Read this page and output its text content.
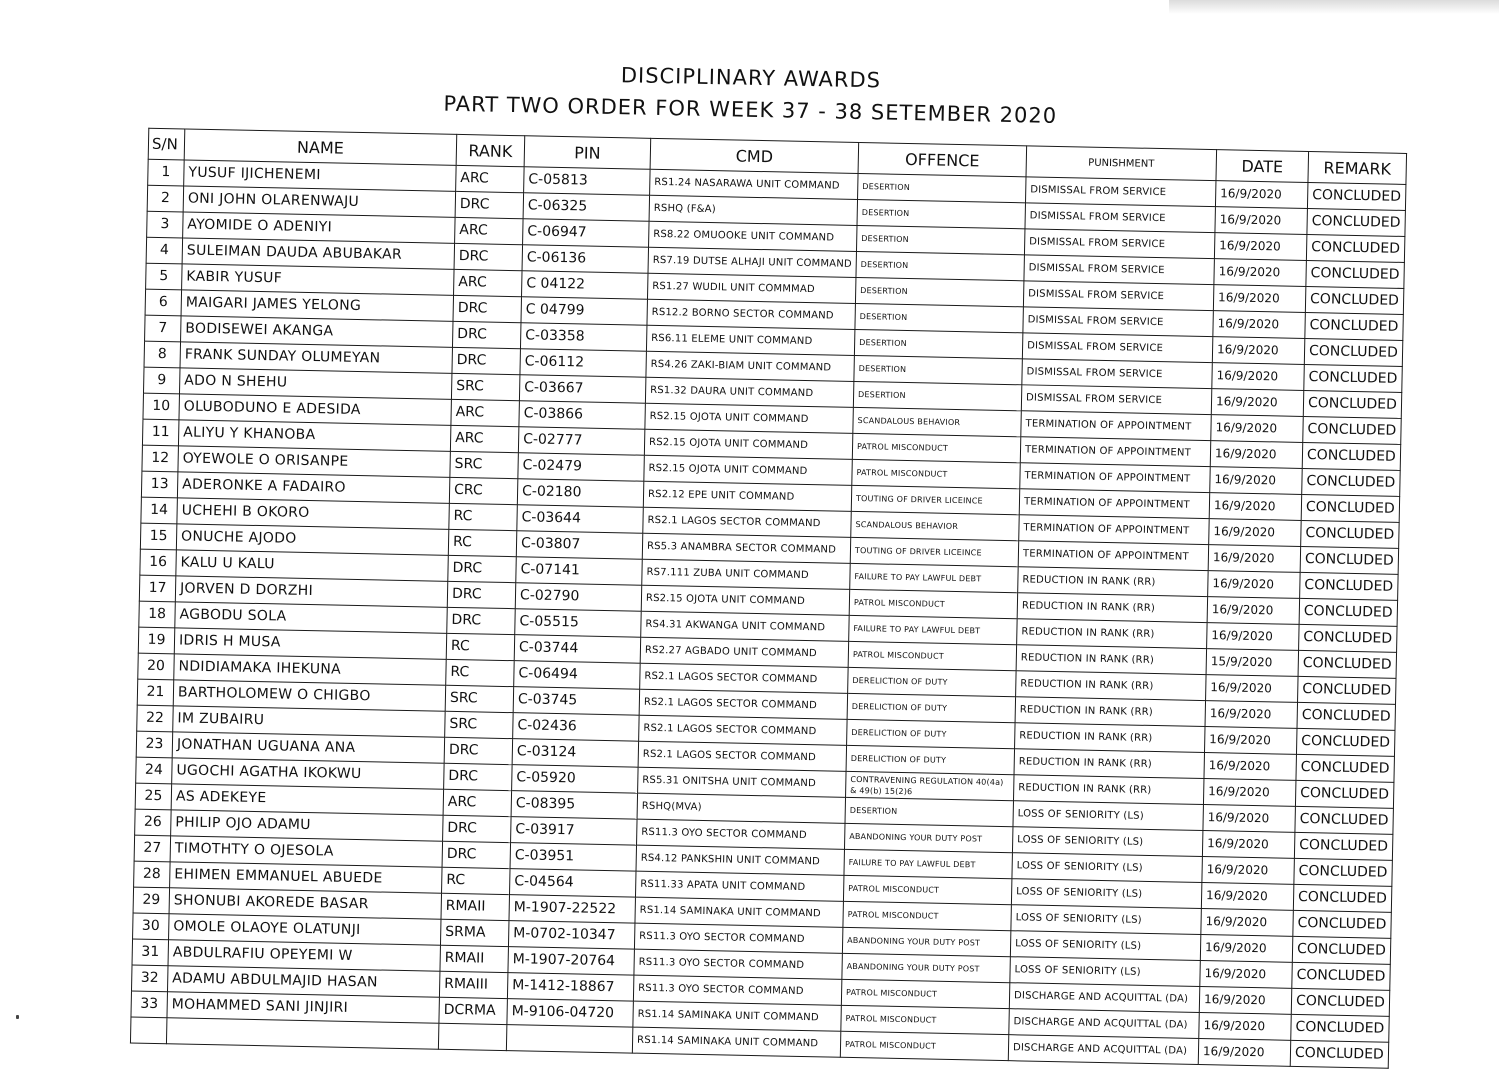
DISCIPLINARY AWARDS
PART TWO ORDER FOR WEEK 37 - 38 SETEMBER 2020
S/N	NAME	RANK	PIN	CMD	OFFENCE	PUNISHMENT	DATE	REMARK
1	YUSUF IJICHENEMI	ARC	C-05813	RS1.24 NASARAWA UNIT COMMAND	DESERTION	DISMISSAL FROM SERVICE	16/9/2020	CONCLUDED
2	ONI JOHN OLARENWAJU	DRC	C-06325	RSHQ (F&A)	DESERTION	DISMISSAL FROM SERVICE	16/9/2020	CONCLUDED
3	AYOMIDE O ADENIYI	ARC	C-06947	RS8.22 OMUOOKE UNIT COMMAND	DESERTION	DISMISSAL FROM SERVICE	16/9/2020	CONCLUDED
4	SULEIMAN DAUDA ABUBAKAR	DRC	C-06136	RS7.19 DUTSE ALHAJI UNIT COMMAND	DESERTION	DISMISSAL FROM SERVICE	16/9/2020	CONCLUDED
5	KABIR YUSUF	ARC	C 04122	RS1.27 WUDIL UNIT COMMMAD	DESERTION	DISMISSAL FROM SERVICE	16/9/2020	CONCLUDED
6	MAIGARI JAMES YELONG	DRC	C 04799	RS12.2 BORNO SECTOR COMMAND	DESERTION	DISMISSAL FROM SERVICE	16/9/2020	CONCLUDED
7	BODISEWEI AKANGA	DRC	C-03358	RS6.11 ELEME UNIT COMMAND	DESERTION	DISMISSAL FROM SERVICE	16/9/2020	CONCLUDED
8	FRANK SUNDAY OLUMEYAN	DRC	C-06112	RS4.26 ZAKI-BIAM UNIT COMMAND	DESERTION	DISMISSAL FROM SERVICE	16/9/2020	CONCLUDED
9	ADO N SHEHU	SRC	C-03667	RS1.32 DAURA UNIT COMMAND	DESERTION	DISMISSAL FROM SERVICE	16/9/2020	CONCLUDED
10	OLUBODUNO E ADESIDA	ARC	C-03866	RS2.15 OJOTA UNIT COMMAND	SCANDALOUS BEHAVIOR	TERMINATION OF APPOINTMENT	16/9/2020	CONCLUDED
11	ALIYU Y KHANOBA	ARC	C-02777	RS2.15 OJOTA UNIT COMMAND	PATROL MISCONDUCT	TERMINATION OF APPOINTMENT	16/9/2020	CONCLUDED
12	OYEWOLE O ORISANPE	SRC	C-02479	RS2.15 OJOTA UNIT COMMAND	PATROL MISCONDUCT	TERMINATION OF APPOINTMENT	16/9/2020	CONCLUDED
13	ADERONKE A FADAIRO	CRC	C-02180	RS2.12 EPE UNIT COMMAND	TOUTING OF DRIVER LICEINCE	TERMINATION OF APPOINTMENT	16/9/2020	CONCLUDED
14	UCHEHI B OKORO	RC	C-03644	RS2.1 LAGOS SECTOR COMMAND	SCANDALOUS BEHAVIOR	TERMINATION OF APPOINTMENT	16/9/2020	CONCLUDED
15	ONUCHE AJODO	RC	C-03807	RS5.3 ANAMBRA SECTOR COMMAND	TOUTING OF DRIVER LICEINCE	TERMINATION OF APPOINTMENT	16/9/2020	CONCLUDED
16	KALU U KALU	DRC	C-07141	RS7.111 ZUBA UNIT COMMAND	FAILURE TO PAY LAWFUL DEBT	REDUCTION IN RANK (RR)	16/9/2020	CONCLUDED
17	JORVEN D DORZHI	DRC	C-02790	RS2.15 OJOTA UNIT COMMAND	PATROL MISCONDUCT	REDUCTION IN RANK (RR)	16/9/2020	CONCLUDED
18	AGBODU SOLA	DRC	C-05515	RS4.31 AKWANGA UNIT COMMAND	FAILURE TO PAY LAWFUL DEBT	REDUCTION IN RANK (RR)	16/9/2020	CONCLUDED
19	IDRIS H MUSA	RC	C-03744	RS2.27 AGBADO UNIT COMMAND	PATROL MISCONDUCT	REDUCTION IN RANK (RR)	15/9/2020	CONCLUDED
20	NDIDIAMAKA IHEKUNA	RC	C-06494	RS2.1 LAGOS SECTOR COMMAND	DERELICTION OF DUTY	REDUCTION IN RANK (RR)	16/9/2020	CONCLUDED
21	BARTHOLOMEW O CHIGBO	SRC	C-03745	RS2.1 LAGOS SECTOR COMMAND	DERELICTION OF DUTY	REDUCTION IN RANK (RR)	16/9/2020	CONCLUDED
22	IM ZUBAIRU	SRC	C-02436	RS2.1 LAGOS SECTOR COMMAND	DERELICTION OF DUTY	REDUCTION IN RANK (RR)	16/9/2020	CONCLUDED
23	JONATHAN UGUANA ANA	DRC	C-03124	RS2.1 LAGOS SECTOR COMMAND	DERELICTION OF DUTY	REDUCTION IN RANK (RR)	16/9/2020	CONCLUDED
24	UGOCHI AGATHA IKOKWU	DRC	C-05920	RS5.31 ONITSHA UNIT COMMAND	CONTRAVENING REGULATION 40(4a) & 49(b) 15(2)6	REDUCTION IN RANK (RR)	16/9/2020	CONCLUDED
25	AS ADEKEYE	ARC	C-08395	RSHQ(MVA)	DESERTION	LOSS OF SENIORITY (LS)	16/9/2020	CONCLUDED
26	PHILIP OJO ADAMU	DRC	C-03917	RS11.3 OYO SECTOR COMMAND	ABANDONING YOUR DUTY POST	LOSS OF SENIORITY (LS)	16/9/2020	CONCLUDED
27	TIMOTHTY O OJESOLA	DRC	C-03951	RS4.12 PANKSHIN UNIT COMMAND	FAILURE TO PAY LAWFUL DEBT	LOSS OF SENIORITY (LS)	16/9/2020	CONCLUDED
28	EHIMEN EMMANUEL ABUEDE	RC	C-04564	RS11.33 APATA UNIT COMMAND	PATROL MISCONDUCT	LOSS OF SENIORITY (LS)	16/9/2020	CONCLUDED
29	SHONUBI AKOREDE BASAR	RMAII	M-1907-22522	RS1.14 SAMINAKA UNIT COMMAND	PATROL MISCONDUCT	LOSS OF SENIORITY (LS)	16/9/2020	CONCLUDED
30	OMOLE OLAOYE OLATUNJI	SRMA	M-0702-10347	RS11.3 OYO SECTOR COMMAND	ABANDONING YOUR DUTY POST	LOSS OF SENIORITY (LS)	16/9/2020	CONCLUDED
31	ABDULRAFIU OPEYEMI W	RMAII	M-1907-20764	RS11.3 OYO SECTOR COMMAND	ABANDONING YOUR DUTY POST	LOSS OF SENIORITY (LS)	16/9/2020	CONCLUDED
32	ADAMU ABDULMAJID HASAN	RMAIII	M-1412-18867	RS11.3 OYO SECTOR COMMAND	PATROL MISCONDUCT	DISCHARGE AND ACQUITTAL (DA)	16/9/2020	CONCLUDED
33	MOHAMMED SANI JINJIRI	DCRMA	M-9106-04720	RS1.14 SAMINAKA UNIT COMMAND	PATROL MISCONDUCT	DISCHARGE AND ACQUITTAL (DA)	16/9/2020	CONCLUDED
				RS1.14 SAMINAKA UNIT COMMAND	PATROL MISCONDUCT	DISCHARGE AND ACQUITTAL (DA)	16/9/2020	CONCLUDED
